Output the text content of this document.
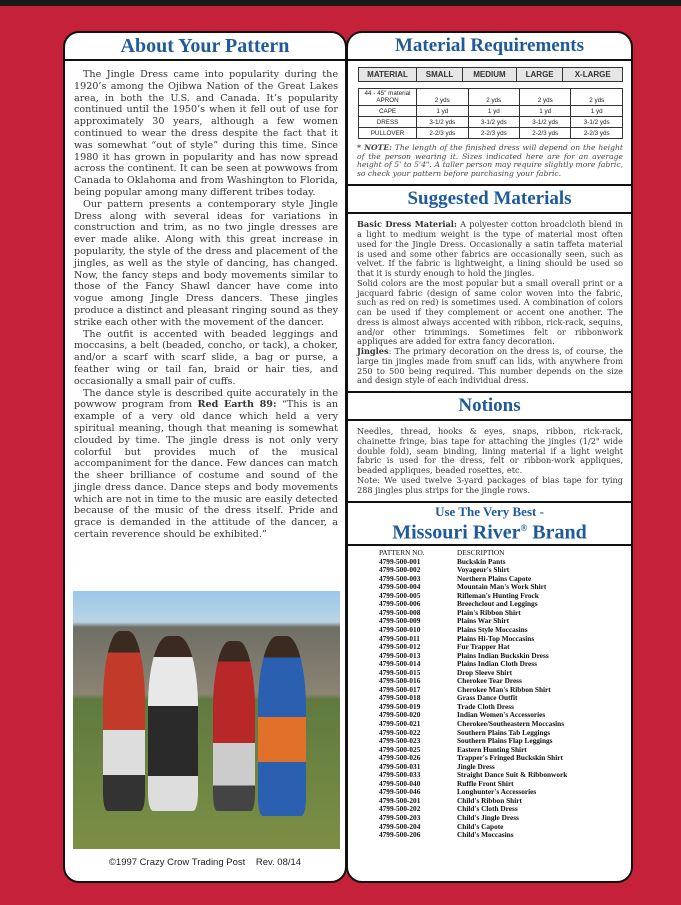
About Your Pattern

The Jingle Dress came into popularity during the 1920’s among the Ojibwa Nation of the Great Lakes area, in both the U.S. and Canada. It’s popularity continued until the 1950’s when it fell out of use for approximately 30 years, although a few women continued to wear the dress despite the fact that it was somewhat “out of style” during this time. Since 1980 it has grown in popularity and has now spread across the continent. It can be seen at powwows from Canada to Oklahoma and from Washington to Florida, being popular among many different tribes today.

Our pattern presents a contemporary style Jingle Dress along with several ideas for variations in construction and trim, as no two jingle dresses are ever made alike. Along with this great increase in popularity, the style of the dress and placement of the jingles, as well as the style of dancing, has changed. Now, the fancy steps and body movements similar to those of the Fancy Shawl dancer have come into vogue among Jingle Dress dancers. These jingles produce a distinct and pleasant ringing sound as they strike each other with the movement of the dancer.

The outfit is accented with beaded leggings and moccasins, a belt (beaded, concho, or tack), a choker, and/or a scarf with scarf slide, a bag or purse, a feather wing or tail fan, braid or hair ties, and occasionally a small pair of cuffs.

The dance style is described quite accurately in the powwow program from Red Earth 89: “This is an example of a very old dance which held a very spiritual meaning, though that meaning is somewhat clouded by time. The jingle dress is not only very colorful but provides much of the musical accompaniment for the dance. Few dances can match the sheer brilliance of costume and sound of the jingle dress dance. Dance steps and body movements which are not in time to the music are easily detected because of the music of the dress itself. Pride and grace is demanded in the attitude of the dancer, a certain reverence should be exhibited.”

©1997 Crazy Crow Trading Post    Rev. 08/14
Material Requirements
MATERIAL	SMALL	MEDIUM	LARGE	X-LARGE
44 - 45" material
APRON	2 yds	2 yds	2 yds	2 yds
CAPE	1 yd	1 yd	1 yd	1 yd
DRESS	3-1/2 yds	3-1/2 yds	3-1/2 yds	3-1/2 yds
PULLOVER	2-2/3 yds	2-2/3 yds	2-2/3 yds	2-2/3 yds
* NOTE: The length of the finished dress will depend on the height of the person wearing it. Sizes indicated here are for an average height of 5' to 5'4". A taller person may require slightly more fabric, so check your pattern before purchasing your fabric.
Suggested Materials
Basic Dress Material: A polyester cotton broadcloth blend in a light to medium weight is the type of material most often used for the Jingle Dress. Occasionally a satin taffeta material is used and some other fabrics are occasionally seen, such as velvet. If the fabric is lightweight, a lining should be used so that it is sturdy enough to hold the jingles.
Solid colors are the most popular but a small overall print or a jacquard fabric (design of same color woven into the fabric, such as red on red) is sometimes used. A combination of colors can be used if they complement or accent one another. The dress is almost always accented with ribbon, rick-rack, sequins, and/or other trimmings. Sometimes felt or ribbonwork appliques are added for extra fancy decoration.
Jingles: The primary decoration on the dress is, of course, the large tin jingles made from snuff can lids, with anywhere from 250 to 500 being required. This number depends on the size and design style of each individual dress.
Notions
Needles, thread, hooks & eyes, snaps, ribbon, rick-rack, chainette fringe, bias tape for attaching the jingles (1/2" wide double fold), seam binding, lining material if a light weight fabric is used for the dress, felt or ribbon-work appliques, beaded appliques, beaded rosettes, etc.
Note: We used twelve 3-yard packages of bias tape for tying 288 jingles plus strips for the jingle rows.
Use The Very Best -
Missouri River® Brand
PATTERN NO.	DESCRIPTION
4799-500-001	Buckskin Pants
4799-500-002	Voyageur's Shirt
4799-500-003	Northern Plains Capote
4799-500-004	Mountain Man's Work Shirt
4799-500-005	Rifleman's Hunting Frock
4799-500-006	Breechclout and Leggings
4799-500-008	Plain's Ribbon Shirt
4799-500-009	Plains War Shirt
4799-500-010	Plains Style Moccasins
4799-500-011	Plains Hi-Top Moccasins
4799-500-012	Fur Trapper Hat
4799-500-013	Plains Indian Buckskin Dress
4799-500-014	Plains Indian Cloth Dress
4799-500-015	Drop Sleeve Shirt
4799-500-016	Cherokee Tear Dress
4799-500-017	Cherokee Man's Ribbon Shirt
4799-500-018	Grass Dance Outfit
4799-500-019	Trade Cloth Dress
4799-500-020	Indian Women's Accessories
4799-500-021	Cherokee/Southeastern Moccasins
4799-500-022	Southern Plains Tab Leggings
4799-500-023	Southern Plains Flap Leggings
4799-500-025	Eastern Hunting Shirt
4799-500-026	Trapper's Fringed Buckskin Shirt
4799-500-031	Jingle Dress
4799-500-033	Straight Dance Suit & Ribbonwork
4799-500-040	Ruffle Front Shirt
4799-500-046	Longhunter's Accessories
4799-500-201	Child's Ribbon Shirt
4799-500-202	Child's Cloth Dress
4799-500-203	Child's Jingle Dress
4799-500-204	Child's Capote
4799-500-206	Child's Moccasins
